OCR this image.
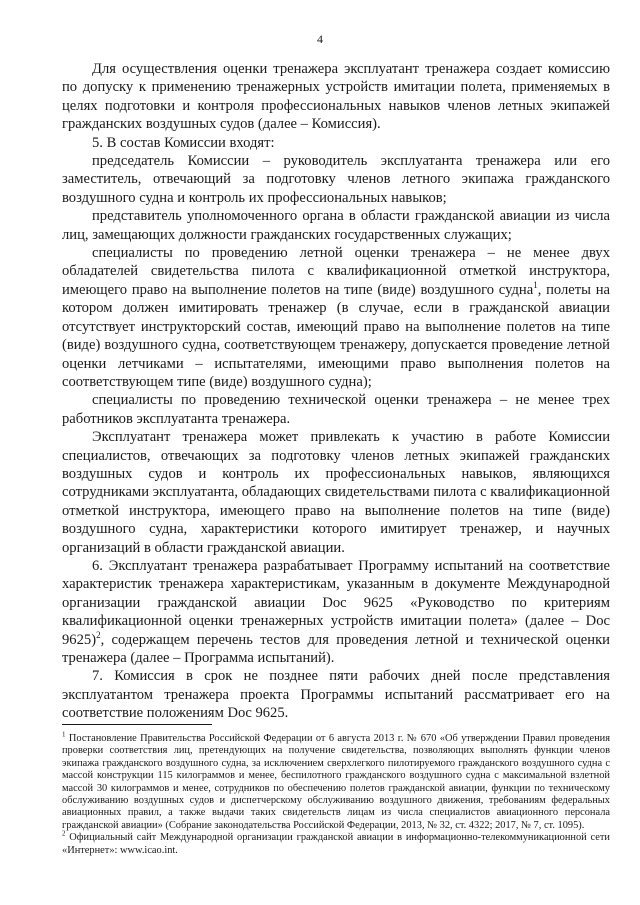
4

Для осуществления оценки тренажера эксплуатант тренажера создает комиссию по допуску к применению тренажерных устройств имитации полета, применяемых в целях подготовки и контроля профессиональных навыков членов летных экипажей гражданских воздушных судов (далее – Комиссия).

5. В состав Комиссии входят:

председатель Комиссии – руководитель эксплуатанта тренажера или его заместитель, отвечающий за подготовку членов летного экипажа гражданского воздушного судна и контроль их профессиональных навыков;

представитель уполномоченного органа в области гражданской авиации из числа лиц, замещающих должности гражданских государственных служащих;

специалисты по проведению летной оценки тренажера – не менее двух обладателей свидетельства пилота с квалификационной отметкой инструктора, имеющего право на выполнение полетов на типе (виде) воздушного судна$^1$, полеты на котором должен имитировать тренажер (в случае, если в гражданской авиации отсутствует инструкторский состав, имеющий право на выполнение полетов на типе (виде) воздушного судна, соответствующем тренажеру, допускается проведение летной оценки летчиками – испытателями, имеющими право выполнения полетов на соответствующем типе (виде) воздушного судна);

специалисты по проведению технической оценки тренажера – не менее трех работников эксплуатанта тренажера.

Эксплуатант тренажера может привлекать к участию в работе Комиссии специалистов, отвечающих за подготовку членов летных экипажей гражданских воздушных судов и контроль их профессиональных навыков, являющихся сотрудниками эксплуатанта, обладающих свидетельствами пилота с квалификационной отметкой инструктора, имеющего право на выполнение полетов на типе (виде) воздушного судна, характеристики которого имитирует тренажер, и научных организаций в области гражданской авиации.

6. Эксплуатант тренажера разрабатывает Программу испытаний на соответствие характеристик тренажера характеристикам, указанным в документе Международной организации гражданской авиации Doc 9625 «Руководство по критериям квалификационной оценки тренажерных устройств имитации полета» (далее – Doc 9625)$^2$, содержащем перечень тестов для проведения летной и технической оценки тренажера (далее – Программа испытаний).

7. Комиссия в срок не позднее пяти рабочих дней после представления эксплуатантом тренажера проекта Программы испытаний рассматривает его на соответствие положениям Doc 9625.

$^1$ Постановление Правительства Российской Федерации от 6 августа 2013 г. № 670 «Об утверждении Правил проведения проверки соответствия лиц, претендующих на получение свидетельства, позволяющих выполнять функции членов экипажа гражданского воздушного судна, за исключением сверхлегкого пилотируемого гражданского воздушного судна с массой конструкции 115 килограммов и менее, беспилотного гражданского воздушного судна с максимальной взлетной массой 30 килограммов и менее, сотрудников по обеспечению полетов гражданской авиации, функции по техническому обслуживанию воздушных судов и диспетчерскому обслуживанию воздушного движения, требованиям федеральных авиационных правил, а также выдачи таких свидетельств лицам из числа специалистов авиационного персонала гражданской авиации» (Собрание законодательства Российской Федерации, 2013, № 32, ст. 4322; 2017, № 7, ст. 1095).

$^2$ Официальный сайт Международной организации гражданской авиации в информационно-телекоммуникационной сети «Интернет»: www.icao.int.
